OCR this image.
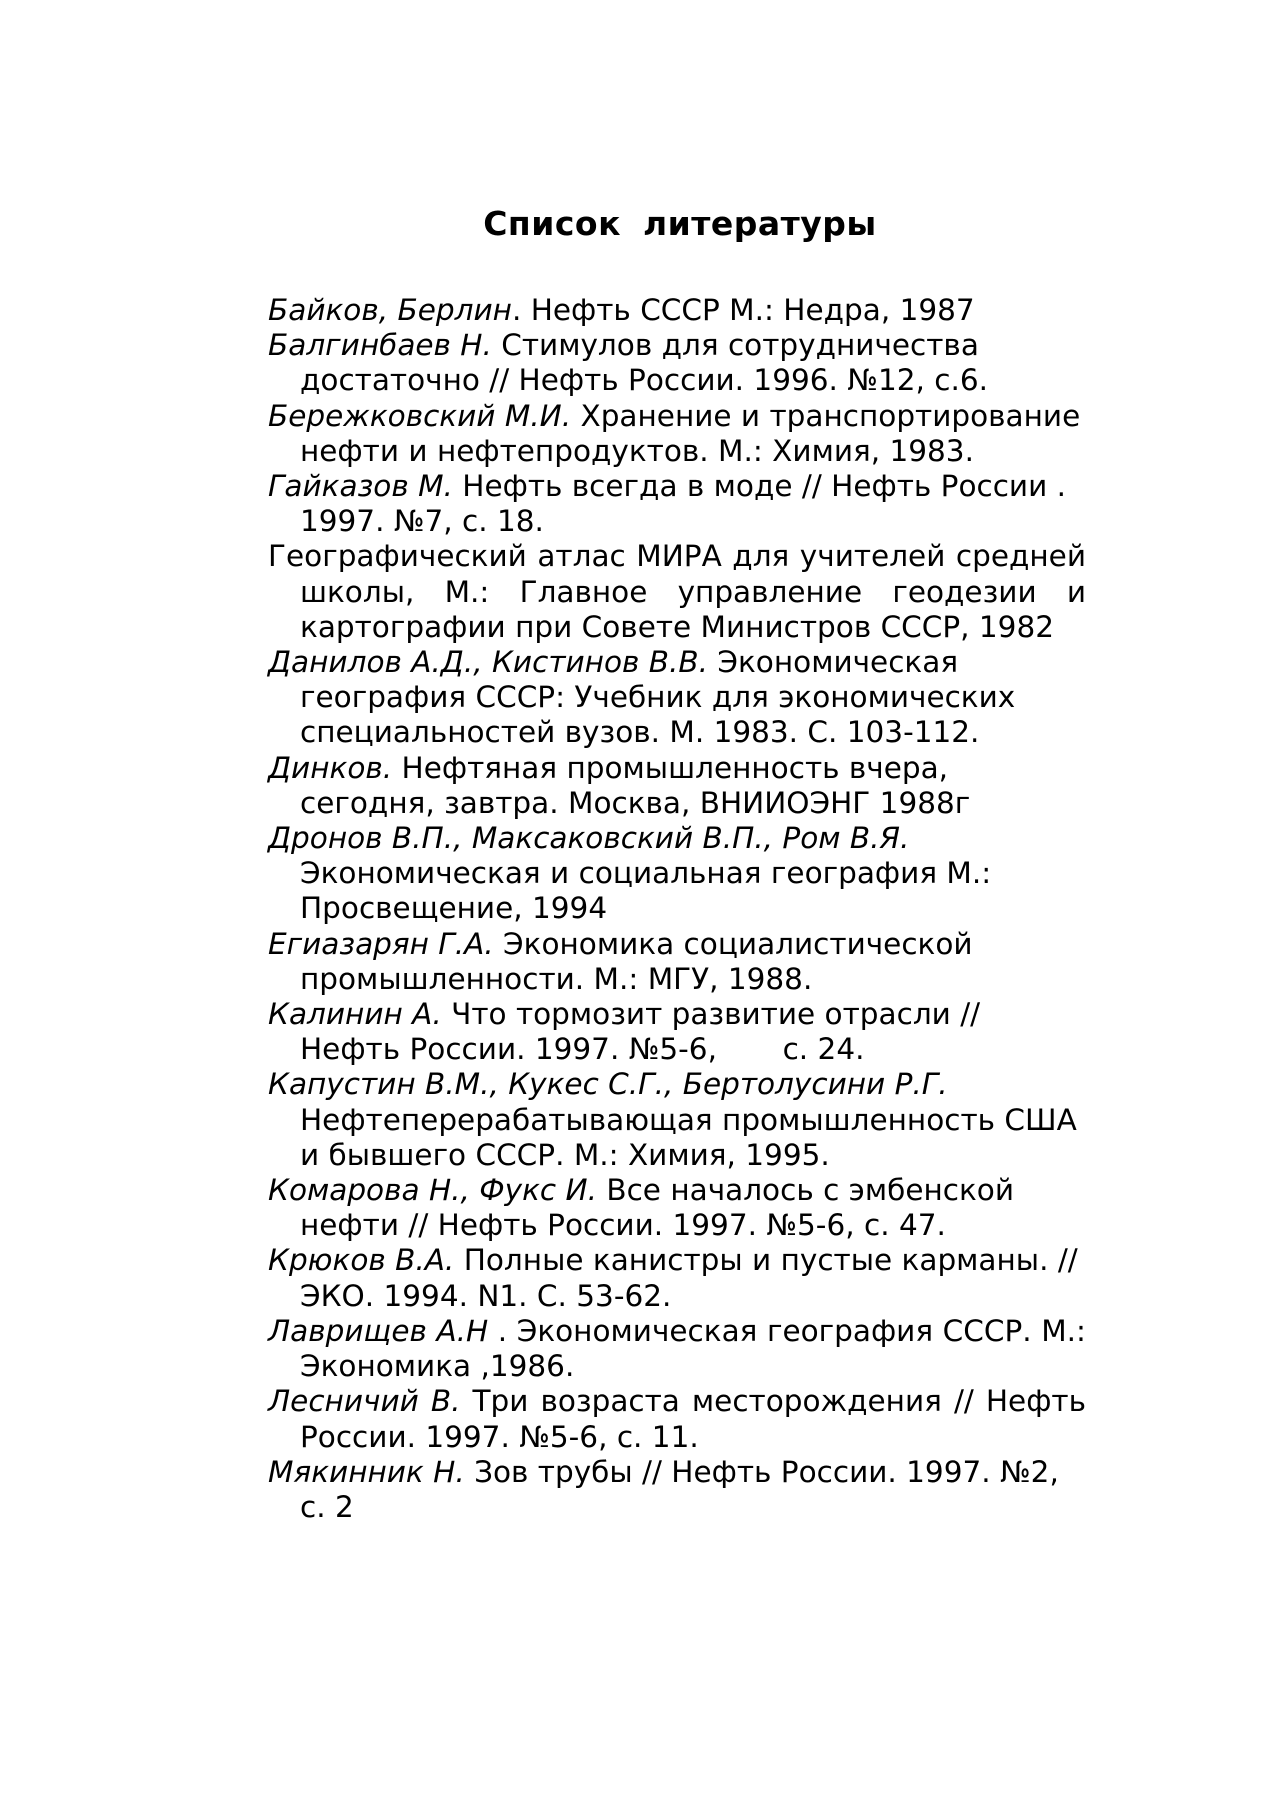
Список литературы

Байков, Берлин. Нефть СССР М.: Недра, 1987

Балгинбаев Н. Стимулов для сотрудничества достаточно // Нефть России. 1996. №12, с.6.

Бережковский М.И. Хранение и транспортирование нефти и нефтепродуктов. М.: Химия, 1983.

Гайказов М. Нефть всегда в моде // Нефть России . 1997. №7, с. 18.

Географический атлас МИРА для учителей средней школы, М.: Главное управление геодезии и картографии при Совете Министров СССР, 1982

Данилов А.Д., Кистинов В.В. Экономическая география СССР: Учебник для экономических специальностей вузов. М. 1983. С. 103-112.

Динков. Нефтяная промышленность вчера, сегодня, завтра. Москва, ВНИИОЭНГ 1988г

Дронов В.П., Максаковский В.П., Ром В.Я. Экономическая и социальная география М.: Просвещение, 1994

Егиазарян Г.А. Экономика социалистической промышленности. М.: МГУ, 1988.

Калинин А. Что тормозит развитие отрасли // Нефть России. 1997. №5-6,       с. 24.

Капустин В.М., Кукес С.Г., Бертолусини Р.Г. Нефтеперерабатывающая промышленность США и бывшего СССР. М.: Химия, 1995.

Комарова Н., Фукс И. Все началось с эмбенской нефти // Нефть России. 1997. №5-6, с. 47.

Крюков В.А. Полные канистры и пустые карманы. // ЭКО. 1994. N1. С. 53-62.

Лаврищев А.Н . Экономическая география СССР. М.: Экономика ,1986.

Лесничий В. Три возраста месторождения // Нефть России. 1997. №5-6, с. 11.

Мякинник Н. Зов трубы // Нефть России. 1997. №2, с. 2
